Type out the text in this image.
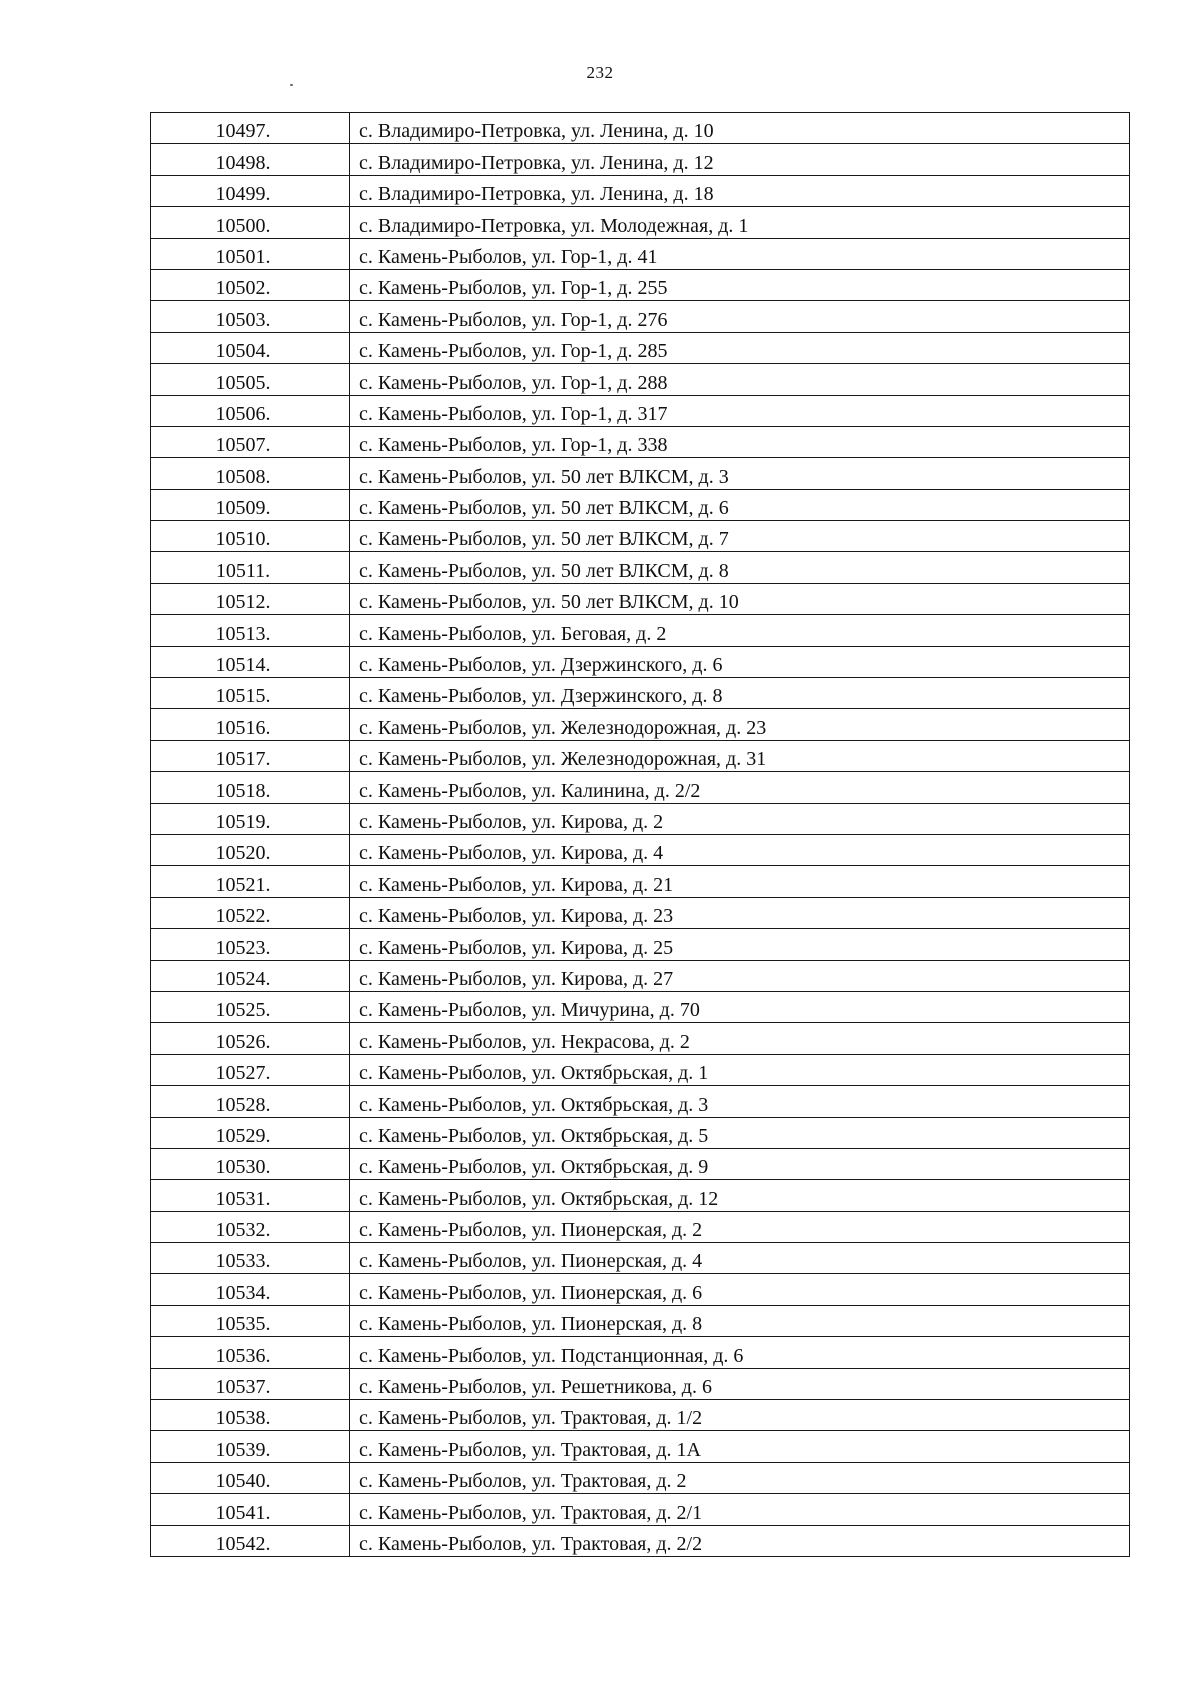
232
10497.	с. Владимиро-Петровка, ул. Ленина, д. 10
10498.	с. Владимиро-Петровка, ул. Ленина, д. 12
10499.	с. Владимиро-Петровка, ул. Ленина, д. 18
10500.	с. Владимиро-Петровка, ул. Молодежная, д. 1
10501.	с. Камень-Рыболов, ул. Гор-1, д. 41
10502.	с. Камень-Рыболов, ул. Гор-1, д. 255
10503.	с. Камень-Рыболов, ул. Гор-1, д. 276
10504.	с. Камень-Рыболов, ул. Гор-1, д. 285
10505.	с. Камень-Рыболов, ул. Гор-1, д. 288
10506.	с. Камень-Рыболов, ул. Гор-1, д. 317
10507.	с. Камень-Рыболов, ул. Гор-1, д. 338
10508.	с. Камень-Рыболов, ул. 50 лет ВЛКСМ, д. 3
10509.	с. Камень-Рыболов, ул. 50 лет ВЛКСМ, д. 6
10510.	с. Камень-Рыболов, ул. 50 лет ВЛКСМ, д. 7
10511.	с. Камень-Рыболов, ул. 50 лет ВЛКСМ, д. 8
10512.	с. Камень-Рыболов, ул. 50 лет ВЛКСМ, д. 10
10513.	с. Камень-Рыболов, ул. Беговая, д. 2
10514.	с. Камень-Рыболов, ул. Дзержинского, д. 6
10515.	с. Камень-Рыболов, ул. Дзержинского, д. 8
10516.	с. Камень-Рыболов, ул. Железнодорожная, д. 23
10517.	с. Камень-Рыболов, ул. Железнодорожная, д. 31
10518.	с. Камень-Рыболов, ул. Калинина, д. 2/2
10519.	с. Камень-Рыболов, ул. Кирова, д. 2
10520.	с. Камень-Рыболов, ул. Кирова, д. 4
10521.	с. Камень-Рыболов, ул. Кирова, д. 21
10522.	с. Камень-Рыболов, ул. Кирова, д. 23
10523.	с. Камень-Рыболов, ул. Кирова, д. 25
10524.	с. Камень-Рыболов, ул. Кирова, д. 27
10525.	с. Камень-Рыболов, ул. Мичурина, д. 70
10526.	с. Камень-Рыболов, ул. Некрасова, д. 2
10527.	с. Камень-Рыболов, ул. Октябрьская, д. 1
10528.	с. Камень-Рыболов, ул. Октябрьская, д. 3
10529.	с. Камень-Рыболов, ул. Октябрьская, д. 5
10530.	с. Камень-Рыболов, ул. Октябрьская, д. 9
10531.	с. Камень-Рыболов, ул. Октябрьская, д. 12
10532.	с. Камень-Рыболов, ул. Пионерская, д. 2
10533.	с. Камень-Рыболов, ул. Пионерская, д. 4
10534.	с. Камень-Рыболов, ул. Пионерская, д. 6
10535.	с. Камень-Рыболов, ул. Пионерская, д. 8
10536.	с. Камень-Рыболов, ул. Подстанционная, д. 6
10537.	с. Камень-Рыболов, ул. Решетникова, д. 6
10538.	с. Камень-Рыболов, ул. Трактовая, д. 1/2
10539.	с. Камень-Рыболов, ул. Трактовая, д. 1А
10540.	с. Камень-Рыболов, ул. Трактовая, д. 2
10541.	с. Камень-Рыболов, ул. Трактовая, д. 2/1
10542.	с. Камень-Рыболов, ул. Трактовая, д. 2/2
